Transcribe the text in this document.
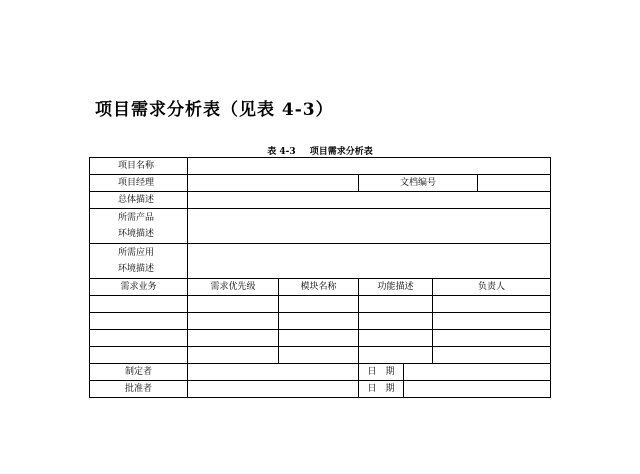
项目需求分析表（见表 4-3）
表 4-3 项目需求分析表
项目名称						
项目经理			文档编号			
总体描述						

所需产品
环境描述						

所需应用
环境描述						

需求业务	需求优先级	模块名称	功能描述		负责人	

制定者			日　期			
批准者			日　期			
